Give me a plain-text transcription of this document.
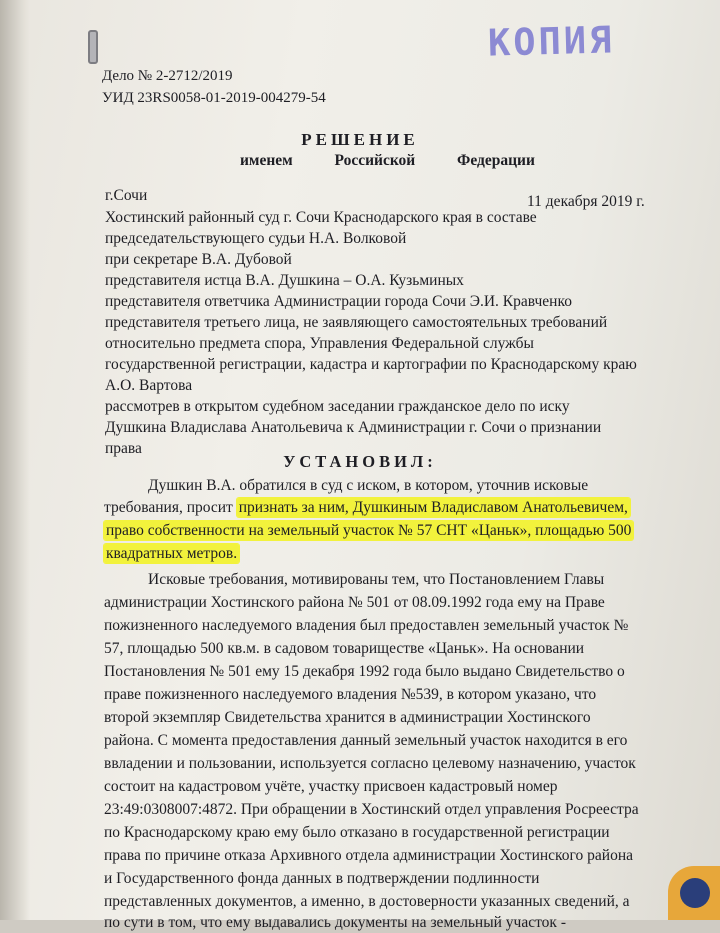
КОПИЯ
Дело № 2-2712/2019
УИД 23RS0058-01-2019-004279-54
РЕШЕНИЕ
именем	Российской	Федерации
г.Сочи	11 декабря 2019 г.
Хостинский районный суд г. Сочи Краснодарского края в составе
председательствующего судьи Н.А. Волковой
при секретаре В.А. Дубовой
представителя истца В.А. Душкина – О.А. Кузьминых
представителя ответчика Администрации города Сочи Э.И. Кравченко
представителя третьего лица, не заявляющего самостоятельных требований
относительно предмета спора, Управления Федеральной службы
государственной регистрации, кадастра и картографии по Краснодарскому краю
А.О. Вартова
рассмотрев в открытом судебном заседании гражданское дело по иску
Душкина Владислава Анатольевича к Администрации г. Сочи о признании
права
УСТАНОВИЛ:
Душкин В.А. обратился в суд с иском, в котором, уточнив исковые
требования, просит признать за ним, Душкиным Владиславом Анатольевичем,
право собственности на земельный участок № 57 СНТ «Цаньк», площадью 500
квадратных метров.
Исковые требования, мотивированы тем, что Постановлением Главы
администрации Хостинского района № 501 от 08.09.1992 года ему на Праве
пожизненного наследуемого владения был предоставлен земельный участок №
57, площадью 500 кв.м. в садовом товариществе «Цаньк». На основании
Постановления № 501 ему 15 декабря 1992 года было выдано Свидетельство о
праве пожизненного наследуемого владения №539, в котором указано, что
второй экземпляр Свидетельства хранится в администрации Хостинского
района. С момента предоставления данный земельный участок находится в его
ввладении и пользовании, используется согласно целевому назначению, участок
состоит на кадастровом учёте, участку присвоен кадастровый номер
23:49:0308007:4872. При обращении в Хостинский отдел управления Росреестра
по Краснодарскому краю ему было отказано в государственной регистрации
права по причине отказа Архивного отдела администрации Хостинского района
и Государственного фонда данных в подтверждении подлинности
представленных документов, а именно, в достоверности указанных сведений, а
по сути в том, что ему выдавались документы на земельный участок -
